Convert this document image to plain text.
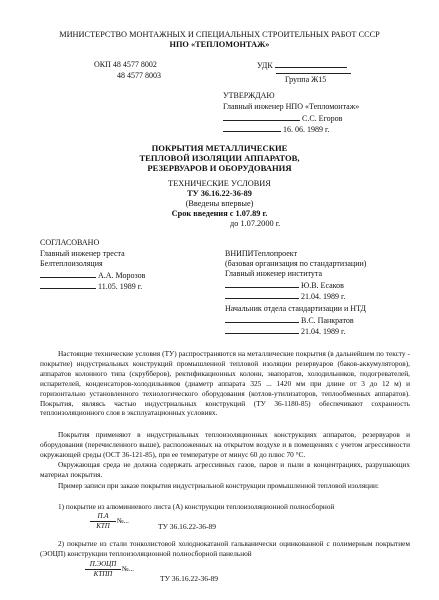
МИНИСТЕРСТВО МОНТАЖНЫХ И СПЕЦИАЛЬНЫХ СТРОИТЕЛЬНЫХ РАБОТ СССР
НПО «ТЕПЛОМОНТАЖ»
ОКП 48 4577 8002
48 4577 8003
УДК
Группа Ж15
УТВЕРЖДАЮ
Главный инженер НПО «Тепломонтаж»
С.С. Егоров
16. 06. 1989 г.
ПОКРЫТИЯ МЕТАЛЛИЧЕСКИЕ
ТЕПЛОВОЙ ИЗОЛЯЦИИ АППАРАТОВ,
РЕЗЕРВУАРОВ И ОБОРУДОВАНИЯ
ТЕХНИЧЕСКИЕ УСЛОВИЯ
ТУ 36.16.22-36-89
(Введены впервые)
Срок введения с 1.07.89 г.
до 1.07.2000 г.
СОГЛАСОВАНО
Главный инженер треста
Белтеплоизоляция
А.А. Морозов
11.05. 1989 г.
ВНИПИТеплопроект
(базовая организация по стандартизации)
Главный инженер института
Ю.В. Есаков
21.04. 1989 г.
Начальник отдела стандартизации и НТД
В.С. Панкратов
21.04. 1989 г.
Настоящие технические условия (ТУ) распространяются на металлические покрытия (в дальнейшем по тексту - покрытие) индустриальных конструкций промышленной тепловой изоляции резервуаров (баков-аккумуляторов), аппаратов колонного типа (скрубберов), ректификационных колонн, эвапоратов, холодильников, подогревателей, испарителей, конденсаторов-холодильников (диаметр аппарата 325 ... 1420 мм при длине от 3 до 12 м) и горизонтально установленного технологического оборудования (котлов-утилизаторов, теплообменных аппаратов). Покрытия, являясь частью индустриальных конструкций (ТУ 36-1180-85) обеспечивают сохранность теплоизоляционного слоя в эксплуатационных условиях.
Покрытия применяют в индустриальных теплоизоляционных конструкциях аппаратов, резервуаров и оборудования (перечисленного выше), расположенных на открытом воздухе и в помещениях с учетом агрессивности окружающей среды (ОСТ 36-121-85), при ее температуре от минус 60 до плюс 70 °С.
Окружающая среда не должна содержать агрессивных газов, паров и пыли в концентрациях, разрушающих материал покрытия.
Пример записи при заказе покрытия индустриальной конструкции промышленной тепловой изоляции:
1) покрытие из алюминиевого листа (А) конструкции теплоизоляционной полносборной
П.А
КТП
№...
ТУ 36.16.22-36-89
2) покрытие из стали тонколистовой холоднокатаной гальванически оцинкованной с полимерным покрытием (ЭОЦП) конструкции теплоизоляционной полносборной панельной
П.ЭОЦП
КТПП
№...
ТУ 36.16.22-36-89
